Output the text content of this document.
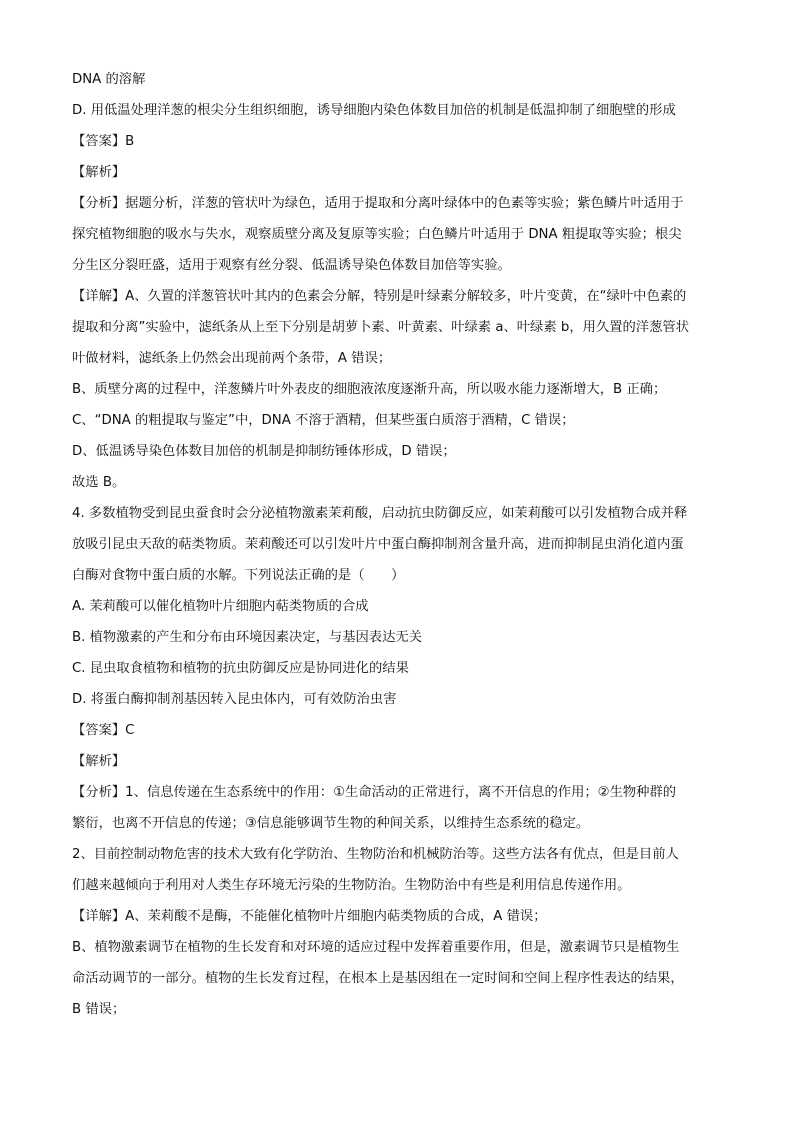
DNA 的溶解

D. 用低温处理洋葱的根尖分生组织细胞，诱导细胞内染色体数目加倍的机制是低温抑制了细胞壁的形成

【答案】B

【解析】

【分析】据题分析，洋葱的管状叶为绿色，适用于提取和分离叶绿体中的色素等实验；紫色鳞片叶适用于

探究植物细胞的吸水与失水，观察质壁分离及复原等实验；白色鳞片叶适用于 DNA 粗提取等实验；根尖

分生区分裂旺盛，适用于观察有丝分裂、低温诱导染色体数目加倍等实验。

【详解】A、久置的洋葱管状叶其内的色素会分解，特别是叶绿素分解较多，叶片变黄，在“绿叶中色素的

提取和分离”实验中，滤纸条从上至下分别是胡萝卜素、叶黄素、叶绿素 a、叶绿素 b，用久置的洋葱管状

叶做材料，滤纸条上仍然会出现前两个条带，A 错误；

B、质壁分离的过程中，洋葱鳞片叶外表皮的细胞液浓度逐渐升高，所以吸水能力逐渐增大，B 正确；

C、“DNA 的粗提取与鉴定”中，DNA 不溶于酒精，但某些蛋白质溶于酒精，C 错误；

D、低温诱导染色体数目加倍的机制是抑制纺锤体形成，D 错误；

故选 B。

4. 多数植物受到昆虫蚕食时会分泌植物激素茉莉酸，启动抗虫防御反应，如茉莉酸可以引发植物合成并释

放吸引昆虫天敌的萜类物质。茉莉酸还可以引发叶片中蛋白酶抑制剂含量升高，进而抑制昆虫消化道内蛋

白酶对食物中蛋白质的水解。下列说法正确的是（　　）

A. 茉莉酸可以催化植物叶片细胞内萜类物质的合成

B. 植物激素的产生和分布由环境因素决定，与基因表达无关

C. 昆虫取食植物和植物的抗虫防御反应是协同进化的结果

D. 将蛋白酶抑制剂基因转入昆虫体内，可有效防治虫害

【答案】C

【解析】

【分析】1、信息传递在生态系统中的作用：①生命活动的正常进行，离不开信息的作用；②生物种群的

繁衍，也离不开信息的传递；③信息能够调节生物的种间关系，以维持生态系统的稳定。

2、目前控制动物危害的技术大致有化学防治、生物防治和机械防治等。这些方法各有优点，但是目前人

们越来越倾向于利用对人类生存环境无污染的生物防治。生物防治中有些是利用信息传递作用。

【详解】A、茉莉酸不是酶，不能催化植物叶片细胞内萜类物质的合成，A 错误；

B、植物激素调节在植物的生长发育和对环境的适应过程中发挥着重要作用，但是，激素调节只是植物生

命活动调节的一部分。植物的生长发育过程，在根本上是基因组在一定时间和空间上程序性表达的结果，

B 错误；
